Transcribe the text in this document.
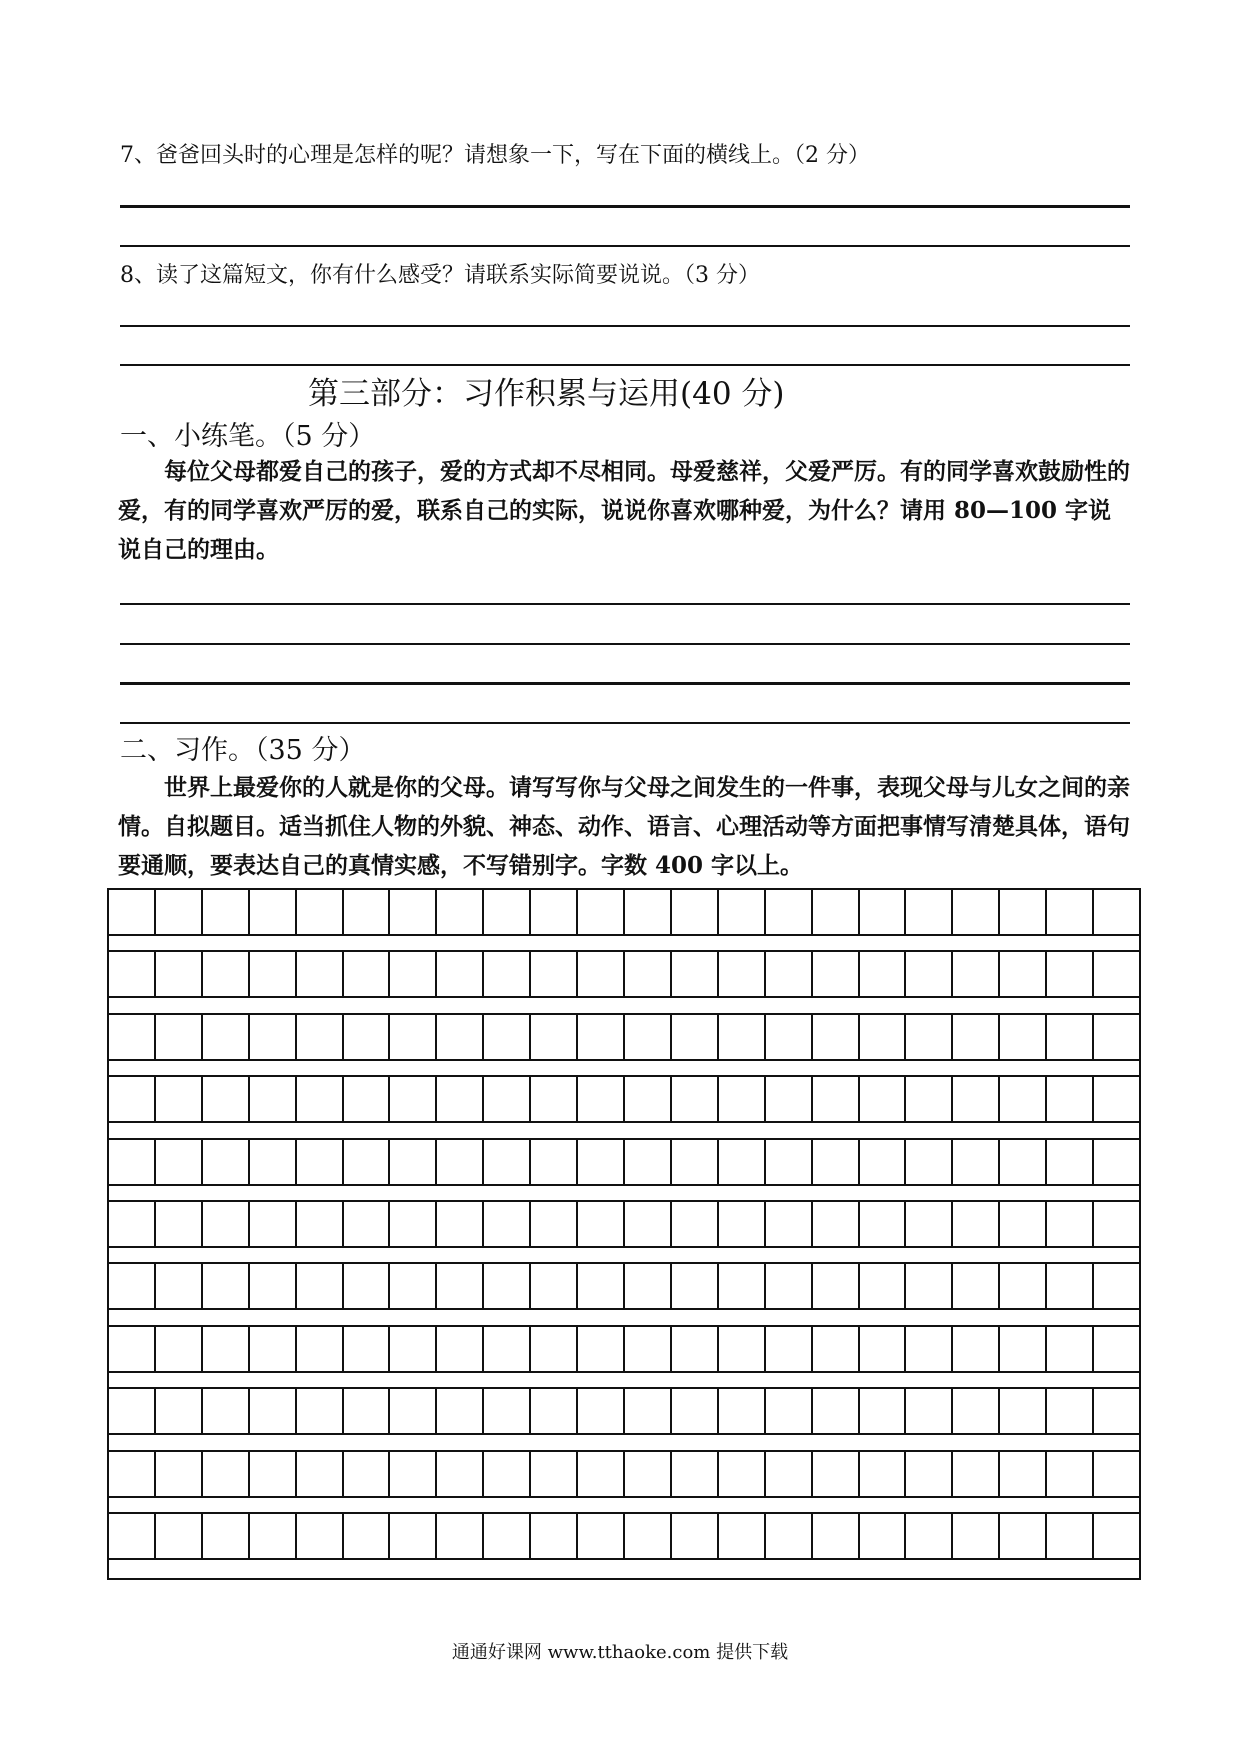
7、爸爸回头时的心理是怎样的呢？请想象一下，写在下面的横线上。（2 分）
8、读了这篇短文，你有什么感受？请联系实际简要说说。（3 分）
第三部分：习作积累与运用(40 分)
一、小练笔。（5 分）
每位父母都爱自己的孩子，爱的方式却不尽相同。母爱慈祥，父爱严厉。有的同学喜欢鼓励性的爱，有的同学喜欢严厉的爱，联系自己的实际，说说你喜欢哪种爱，为什么？请用 80—100 字说说自己的理由。
二、习作。（35 分）
世界上最爱你的人就是你的父母。请写写你与父母之间发生的一件事，表现父母与儿女之间的亲情。自拟题目。适当抓住人物的外貌、神态、动作、语言、心理活动等方面把事情写清楚具体，语句要通顺，要表达自己的真情实感，不写错别字。字数 400 字以上。
通通好课网 www.tthaoke.com 提供下载
